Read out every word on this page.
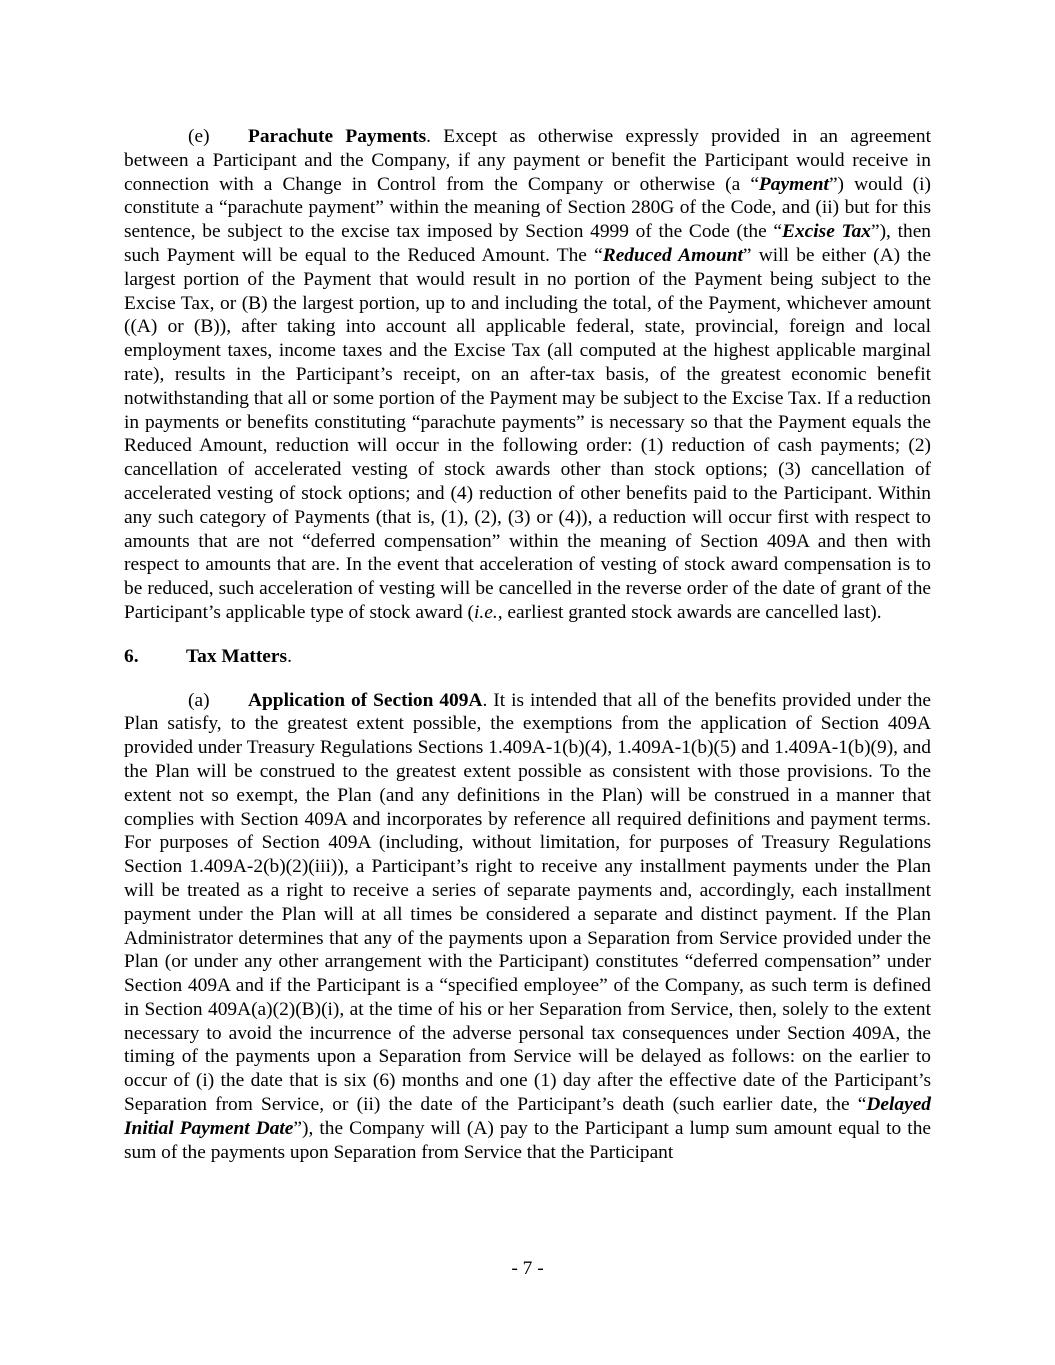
(e) Parachute Payments. Except as otherwise expressly provided in an agreement between a Participant and the Company, if any payment or benefit the Participant would receive in connection with a Change in Control from the Company or otherwise (a “Payment”) would (i) constitute a “parachute payment” within the meaning of Section 280G of the Code, and (ii) but for this sentence, be subject to the excise tax imposed by Section 4999 of the Code (the “Excise Tax”), then such Payment will be equal to the Reduced Amount. The “Reduced Amount” will be either (A) the largest portion of the Payment that would result in no portion of the Payment being subject to the Excise Tax, or (B) the largest portion, up to and including the total, of the Payment, whichever amount ((A) or (B)), after taking into account all applicable federal, state, provincial, foreign and local employment taxes, income taxes and the Excise Tax (all computed at the highest applicable marginal rate), results in the Participant’s receipt, on an after-tax basis, of the greatest economic benefit notwithstanding that all or some portion of the Payment may be subject to the Excise Tax. If a reduction in payments or benefits constituting “parachute payments” is necessary so that the Payment equals the Reduced Amount, reduction will occur in the following order: (1) reduction of cash payments; (2) cancellation of accelerated vesting of stock awards other than stock options; (3) cancellation of accelerated vesting of stock options; and (4) reduction of other benefits paid to the Participant. Within any such category of Payments (that is, (1), (2), (3) or (4)), a reduction will occur first with respect to amounts that are not “deferred compensation” within the meaning of Section 409A and then with respect to amounts that are. In the event that acceleration of vesting of stock award compensation is to be reduced, such acceleration of vesting will be cancelled in the reverse order of the date of grant of the Participant’s applicable type of stock award (i.e., earliest granted stock awards are cancelled last).

6. Tax Matters.

(a) Application of Section 409A. It is intended that all of the benefits provided under the Plan satisfy, to the greatest extent possible, the exemptions from the application of Section 409A provided under Treasury Regulations Sections 1.409A-1(b)(4), 1.409A-1(b)(5) and 1.409A-1(b)(9), and the Plan will be construed to the greatest extent possible as consistent with those provisions. To the extent not so exempt, the Plan (and any definitions in the Plan) will be construed in a manner that complies with Section 409A and incorporates by reference all required definitions and payment terms. For purposes of Section 409A (including, without limitation, for purposes of Treasury Regulations Section 1.409A-2(b)(2)(iii)), a Participant’s right to receive any installment payments under the Plan will be treated as a right to receive a series of separate payments and, accordingly, each installment payment under the Plan will at all times be considered a separate and distinct payment. If the Plan Administrator determines that any of the payments upon a Separation from Service provided under the Plan (or under any other arrangement with the Participant) constitutes “deferred compensation” under Section 409A and if the Participant is a “specified employee” of the Company, as such term is defined in Section 409A(a)(2)(B)(i), at the time of his or her Separation from Service, then, solely to the extent necessary to avoid the incurrence of the adverse personal tax consequences under Section 409A, the timing of the payments upon a Separation from Service will be delayed as follows: on the earlier to occur of (i) the date that is six (6) months and one (1) day after the effective date of the Participant’s Separation from Service, or (ii) the date of the Participant’s death (such earlier date, the “Delayed Initial Payment Date”), the Company will (A) pay to the Participant a lump sum amount equal to the sum of the payments upon Separation from Service that the Participant

- 7 -
